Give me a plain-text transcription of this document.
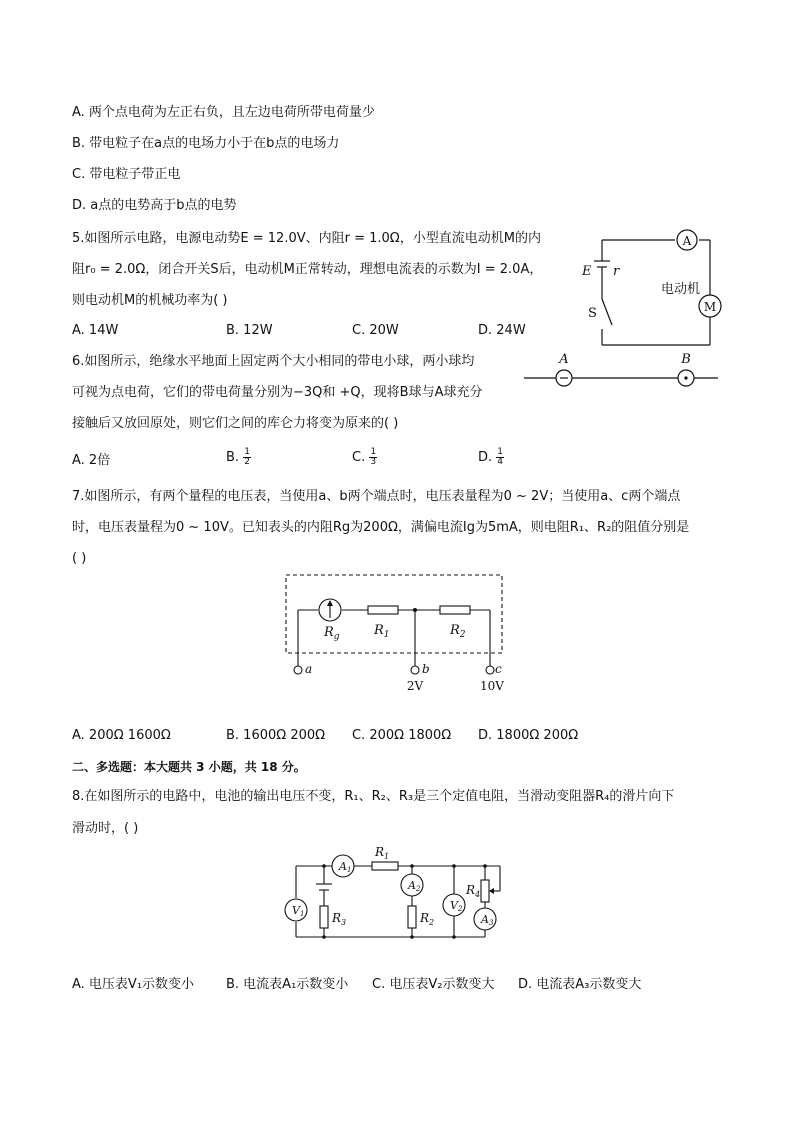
A. 两个点电荷为左正右负，且左边电荷所带电荷量少
B. 带电粒子在a点的电场力小于在b点的电场力
C. 带电粒子带正电
D. a点的电势高于b点的电势
5.如图所示电路，电源电动势E = 12.0V、内阻r = 1.0Ω，小型直流电动机M的内
阻r₀ = 2.0Ω，闭合开关S后，电动机M正常转动，理想电流表的示数为I = 2.0A，
则电动机M的机械功率为( )
A. 14W	B. 12W	C. 20W	D. 24W
A
E r
S
电动机
M
6.如图所示，绝缘水平地面上固定两个大小相同的带电小球，两小球均
可视为点电荷，它们的带电荷量分别为−3Q和 +Q，现将B球与A球充分
接触后又放回原处，则它们之间的库仑力将变为原来的( )
A. 2倍	B. $\frac{1}{2}$	C. $\frac{1}{3}$	D. $\frac{1}{4}$
A	B
7.如图所示，有两个量程的电压表，当使用a、b两个端点时，电压表量程为0 ~ 2V；当使用a、c两个端点
时，电压表量程为0 ~ 10V。已知表头的内阻Rg为200Ω，满偏电流Ig为5mA，则电阻R₁、R₂的阻值分别是
( )
$R_g$	$R_1$	$R_2$
a	b	c
2V	10V
A. 200Ω 1600Ω	B. 1600Ω 200Ω C. 200Ω 1800Ω D. 1800Ω 200Ω
二、多选题：本大题共 3 小题，共 18 分。
8.在如图所示的电路中，电池的输出电压不变，R₁、R₂、R₃是三个定值电阻，当滑动变阻器R₄的滑片向下
滑动时，( )
V1
A1
A2
V2
A3
$R_1$
$R_2$
$R_3$
$R_4$
A. 电压表V₁示数变小 B. 电流表A₁示数变小 C. 电压表V₂示数变大 D. 电流表A₃示数变大
